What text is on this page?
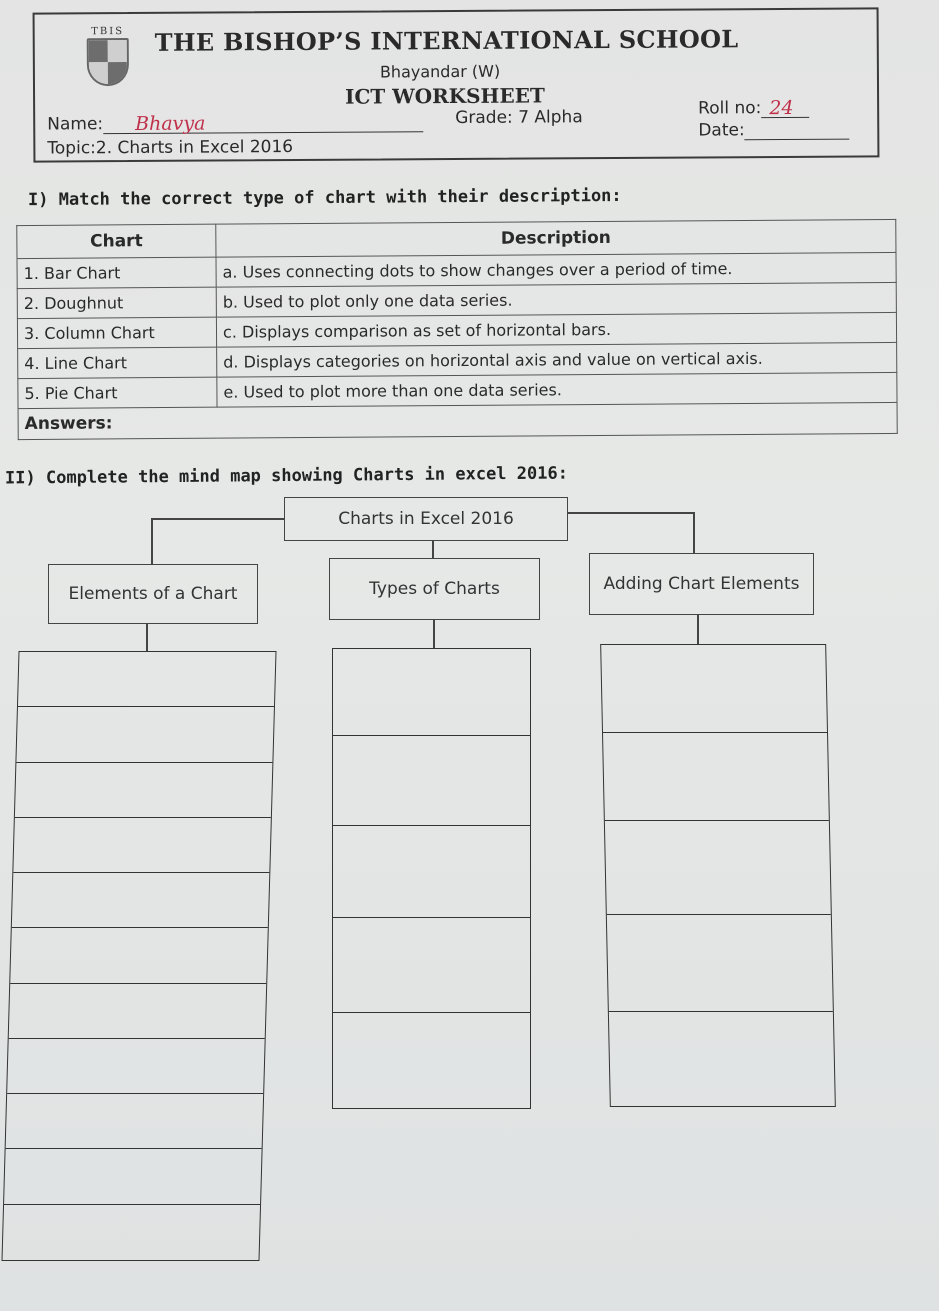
TBIS	THE BISHOP’S INTERNATIONAL SCHOOL
Bhayandar (W)
ICT WORKSHEET
Name: Bhavya	Grade: 7 Alpha	Roll no: 24
Date:
Topic:2. Charts in Excel 2016
I) Match the correct type of chart with their description:
Chart	Description
1. Bar Chart	a. Uses connecting dots to show changes over a period of time.
2. Doughnut	b. Used to plot only one data series.
3. Column Chart	c. Displays comparison as set of horizontal bars.
4. Line Chart	d. Displays categories on horizontal axis and value on vertical axis.
5. Pie Chart	e. Used to plot more than one data series.
Answers:	
II) Complete the mind map showing Charts in excel 2016:
Charts in Excel 2016
Elements of a Chart	Types of Charts	Adding Chart Elements
